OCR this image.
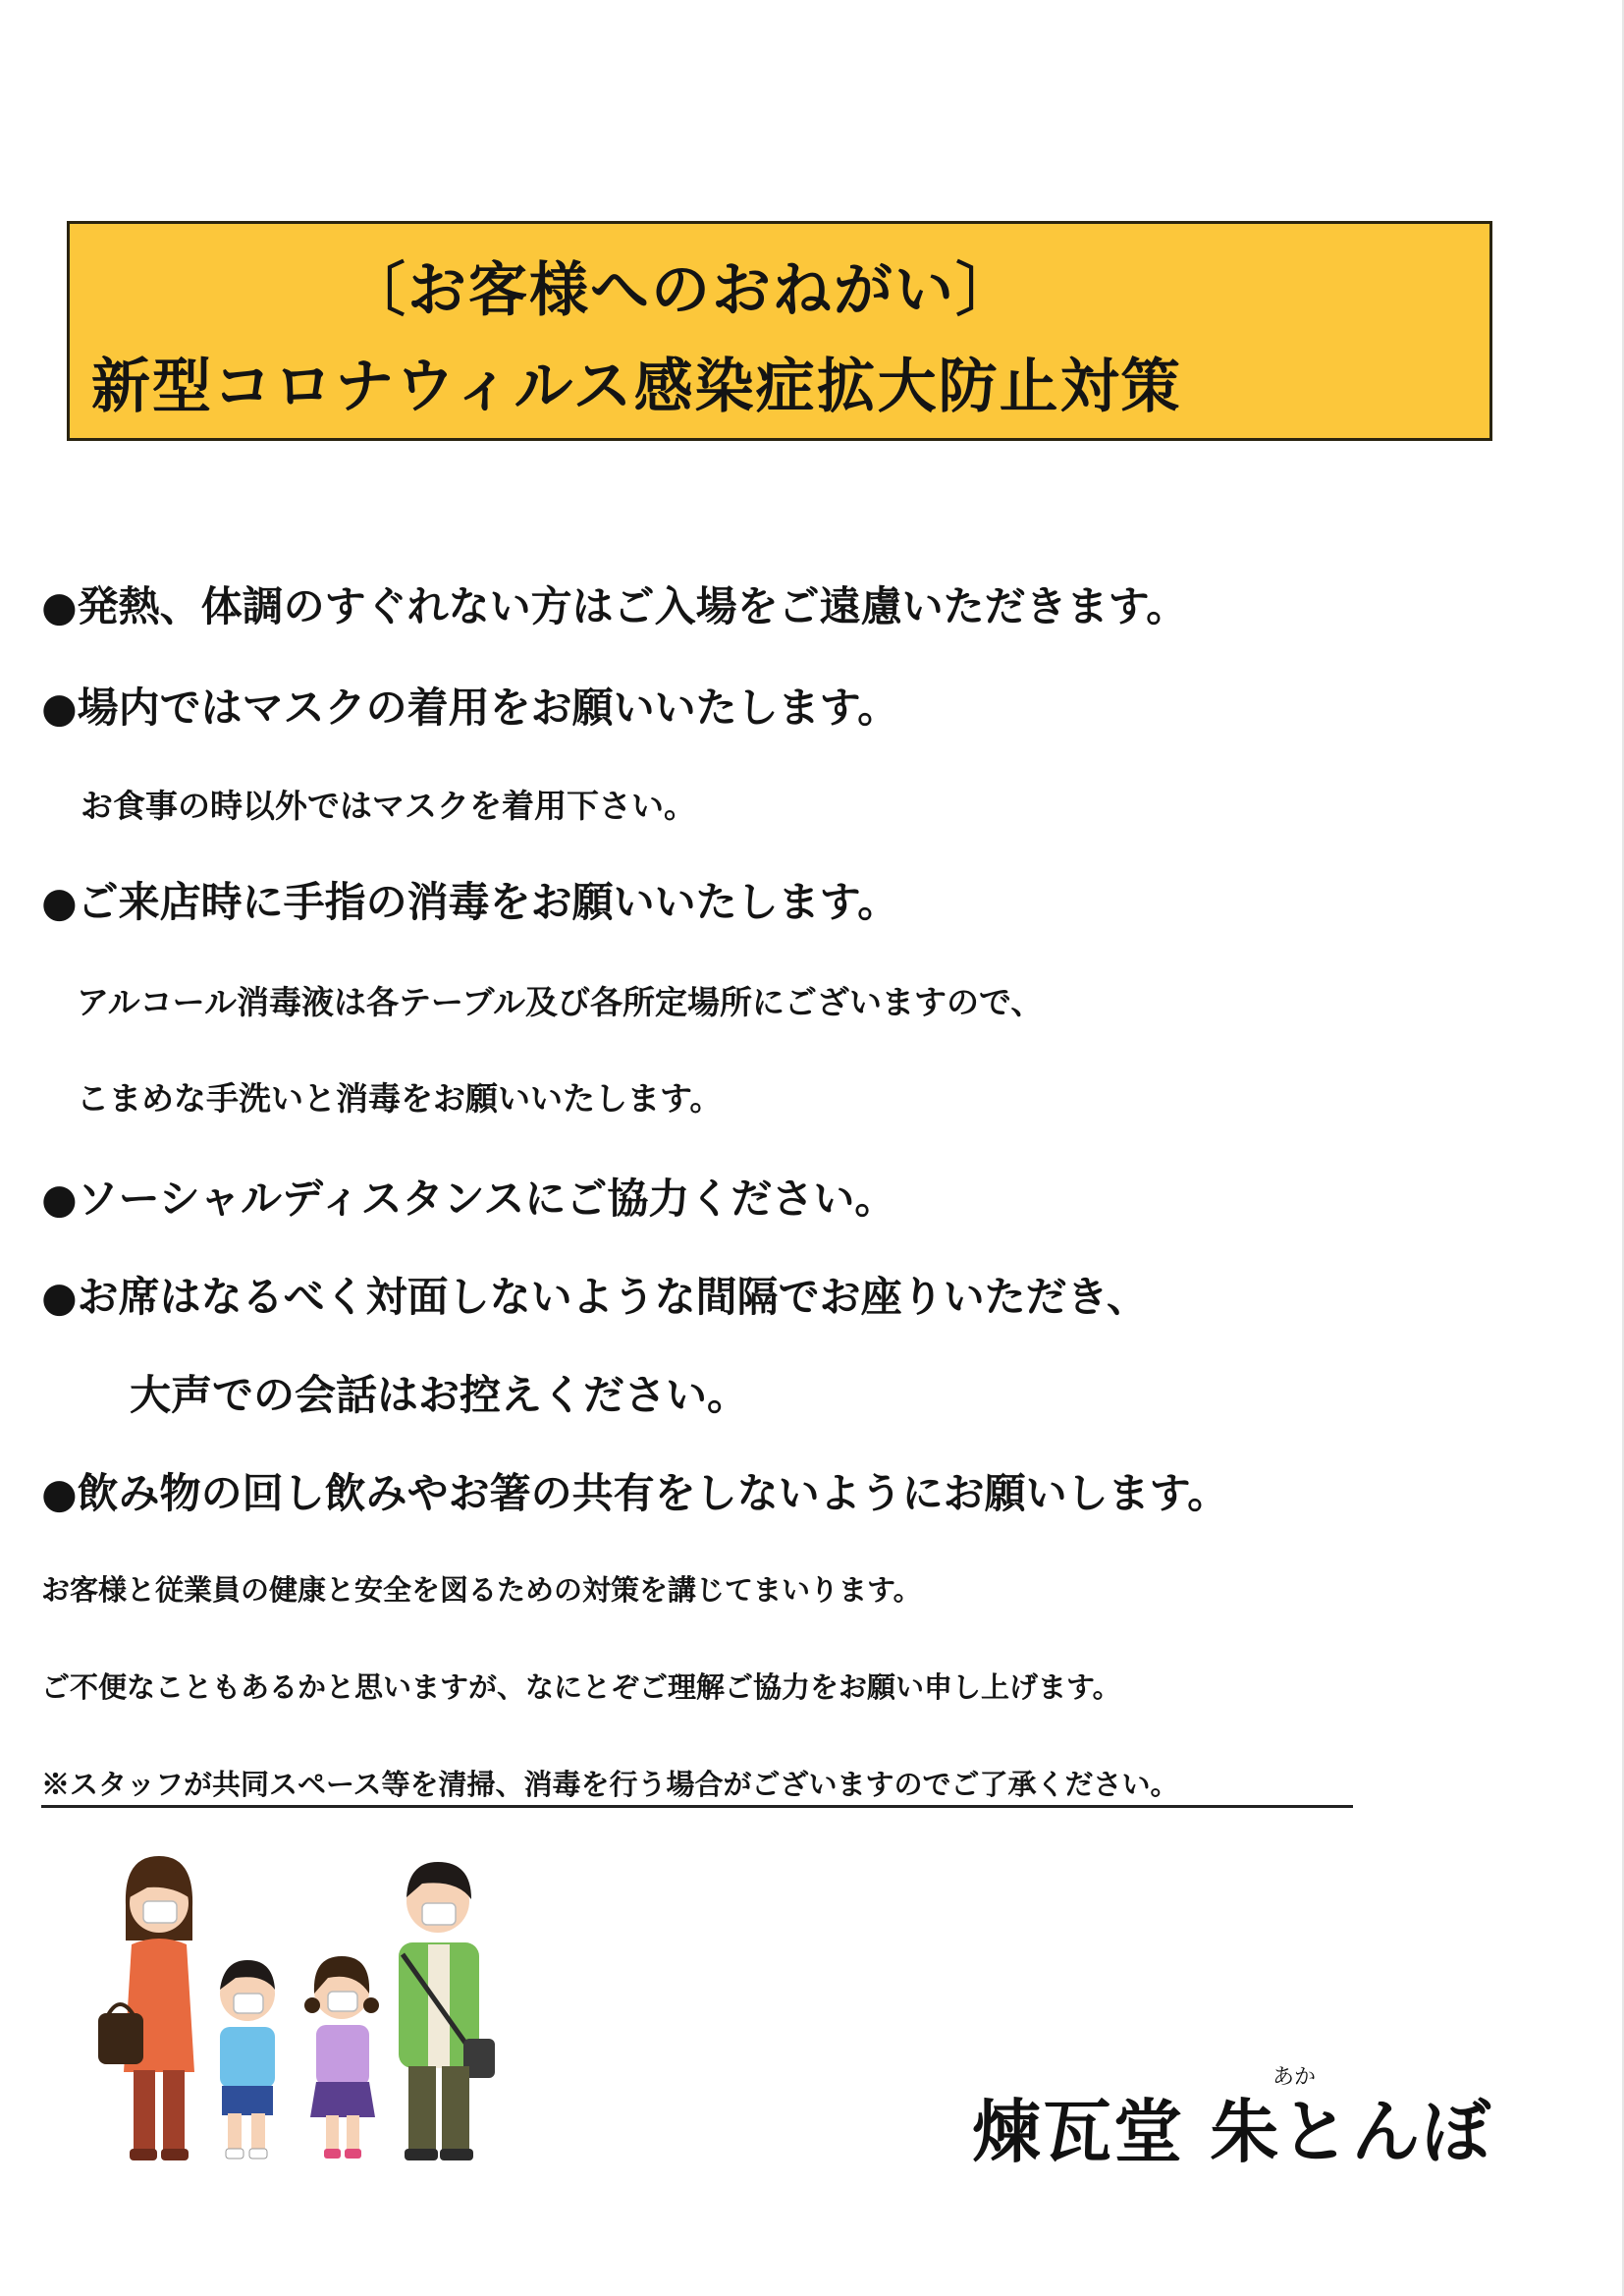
〔お客様へのおねがい〕
新型コロナウィルス感染症拡大防止対策
●発熱、体調のすぐれない方はご入場をご遠慮いただきます。
●場内ではマスクの着用をお願いいたします。
お食事の時以外ではマスクを着用下さい。
●ご来店時に手指の消毒をお願いいたします。
アルコール消毒液は各テーブル及び各所定場所にございますので、
こまめな手洗いと消毒をお願いいたします。
●ソーシャルディスタンスにご協力ください。
●お席はなるべく対面しないような間隔でお座りいただき、
大声での会話はお控えください。
●飲み物の回し飲みやお箸の共有をしないようにお願いします。
お客様と従業員の健康と安全を図るための対策を講じてまいります。
ご不便なこともあるかと思いますが、なにとぞご理解ご協力をお願い申し上げます。
※スタッフが共同スペース等を清掃、消毒を行う場合がございますのでご了承ください。
煉瓦堂 朱とんぼ
あか
